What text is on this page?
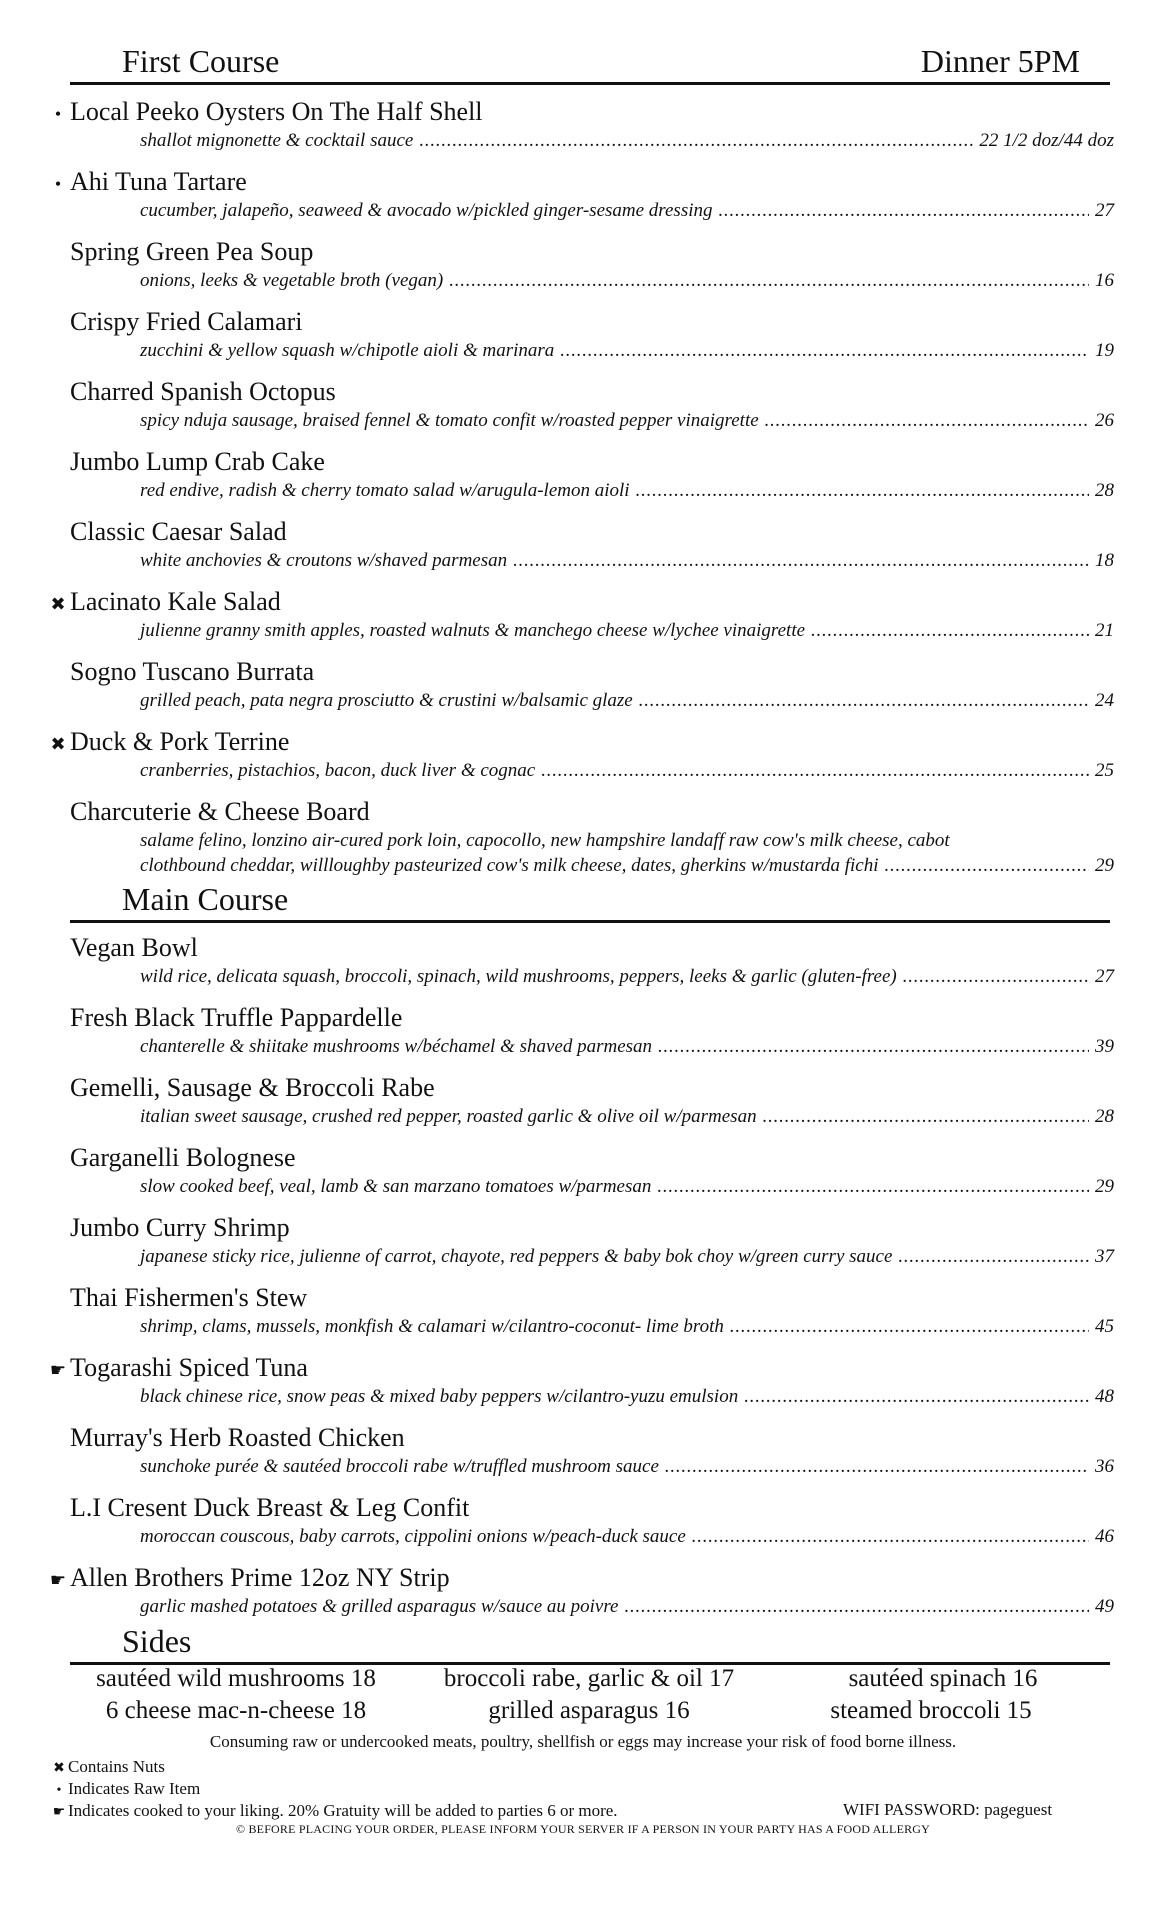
First Course	Dinner 5PM
• Local Peeko Oysters On The Half Shell
shallot mignonette & cocktail sauce . . .	22 1/2 doz/44 doz
• Ahi Tuna Tartare
cucumber, jalapeño, seaweed & avocado w/pickled ginger-sesame dressing . . .	27
Spring Green Pea Soup
onions, leeks & vegetable broth (vegan) . . .	16
Crispy Fried Calamari
zucchini & yellow squash w/chipotle aioli & marinara . . .	19
Charred Spanish Octopus
spicy nduja sausage, braised fennel & tomato confit w/roasted pepper vinaigrette . . .	26
Jumbo Lump Crab Cake
red endive, radish & cherry tomato salad w/arugula-lemon aioli . . .	28
Classic Caesar Salad
white anchovies & croutons w/shaved parmesan . . .	18
✖ Lacinato Kale Salad
julienne granny smith apples, roasted walnuts & manchego cheese w/lychee vinaigrette . . .	21
Sogno Tuscano Burrata
grilled peach, pata negra prosciutto & crustini w/balsamic glaze . . .	24
✖ Duck & Pork Terrine
cranberries, pistachios, bacon, duck liver & cognac . . .	25
Charcuterie & Cheese Board
salame felino, lonzino air-cured pork loin, capocollo, new hampshire landaff raw cow's milk cheese, cabot
clothbound cheddar, willloughby pasteurized cow's milk cheese, dates, gherkins w/mustarda fichi . . .	29
Main Course
Vegan Bowl
wild rice, delicata squash, broccoli, spinach, wild mushrooms, peppers, leeks & garlic (gluten-free) . . .	27
Fresh Black Truffle Pappardelle
chanterelle & shiitake mushrooms w/béchamel & shaved parmesan . . .	39
Gemelli, Sausage & Broccoli Rabe
italian sweet sausage, crushed red pepper, roasted garlic & olive oil w/parmesan . . .	28
Garganelli Bolognese
slow cooked beef, veal, lamb & san marzano tomatoes w/parmesan . . .	29
Jumbo Curry Shrimp
japanese sticky rice, julienne of carrot, chayote, red peppers & baby bok choy w/green curry sauce . . .	37
Thai Fishermen's Stew
shrimp, clams, mussels, monkfish & calamari w/cilantro-coconut- lime broth . . .	45
☛ Togarashi Spiced Tuna
black chinese rice, snow peas & mixed baby peppers w/cilantro-yuzu emulsion . . .	48
Murray's Herb Roasted Chicken
sunchoke purée & sautéed broccoli rabe w/truffled mushroom sauce . . .	36
L.I Cresent Duck Breast & Leg Confit
moroccan couscous, baby carrots, cippolini onions w/peach-duck sauce . . .	46
☛ Allen Brothers Prime 12oz NY Strip
garlic mashed potatoes & grilled asparagus w/sauce au poivre . . .	49
Sides
sautéed wild mushrooms 18	broccoli rabe, garlic & oil 17	sautéed spinach 16
6 cheese mac-n-cheese 18	grilled asparagus 16	steamed broccoli 15
Consuming raw or undercooked meats, poultry, shellfish or eggs may increase your risk of food borne illness.
✖ Contains Nuts
• Indicates Raw Item
☛ Indicates cooked to your liking. 20% Gratuity will be added to parties 6 or more.	WIFI PASSWORD: pageguest
© BEFORE PLACING YOUR ORDER, PLEASE INFORM YOUR SERVER IF A PERSON IN YOUR PARTY HAS A FOOD ALLERGY
